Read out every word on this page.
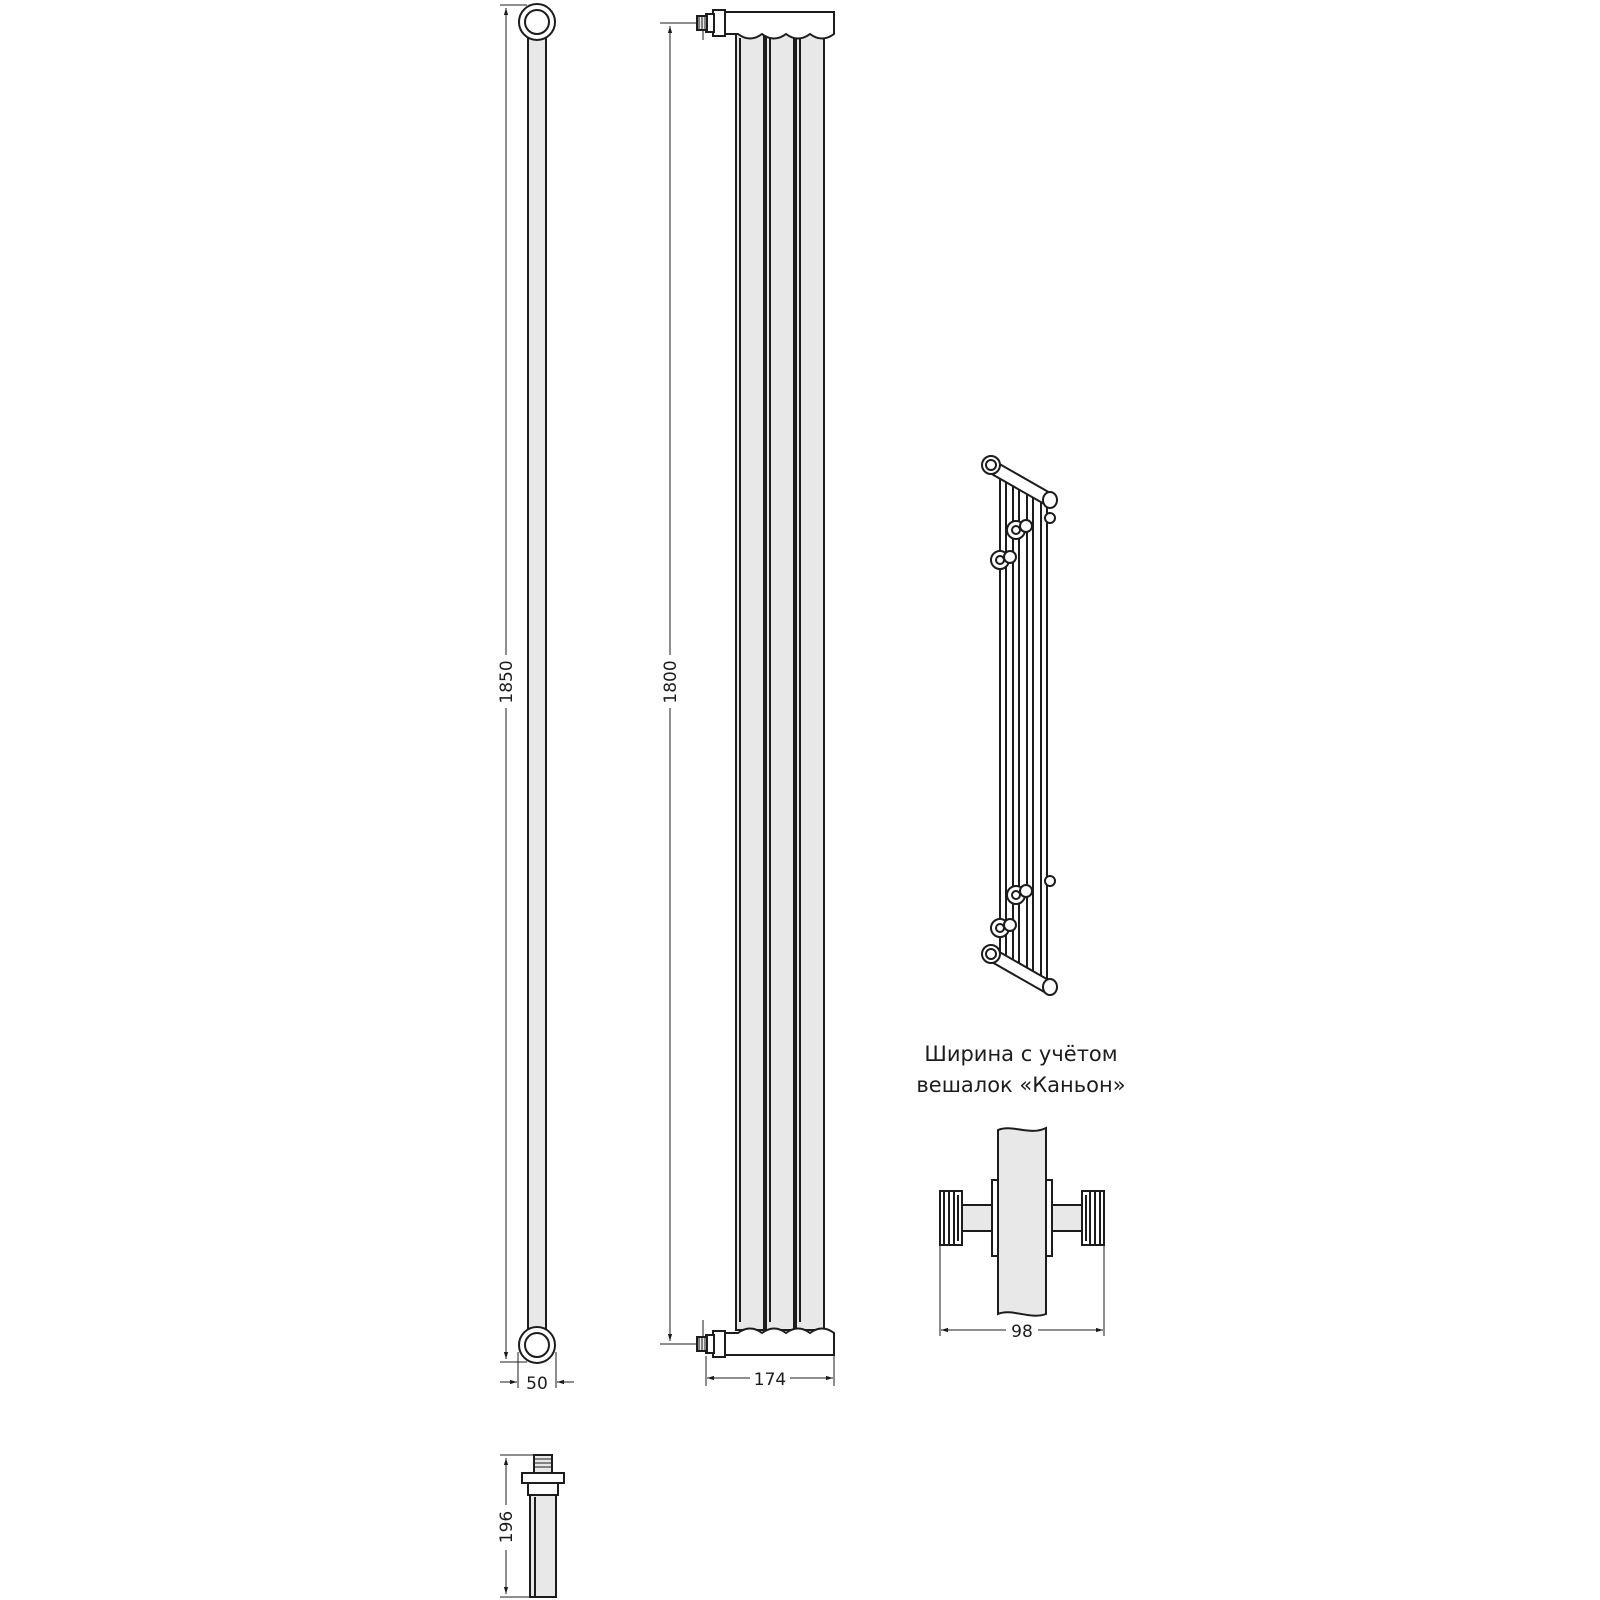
1850
50
1800
174
196
Ширина с учётом
вешалок «Каньон»
98
